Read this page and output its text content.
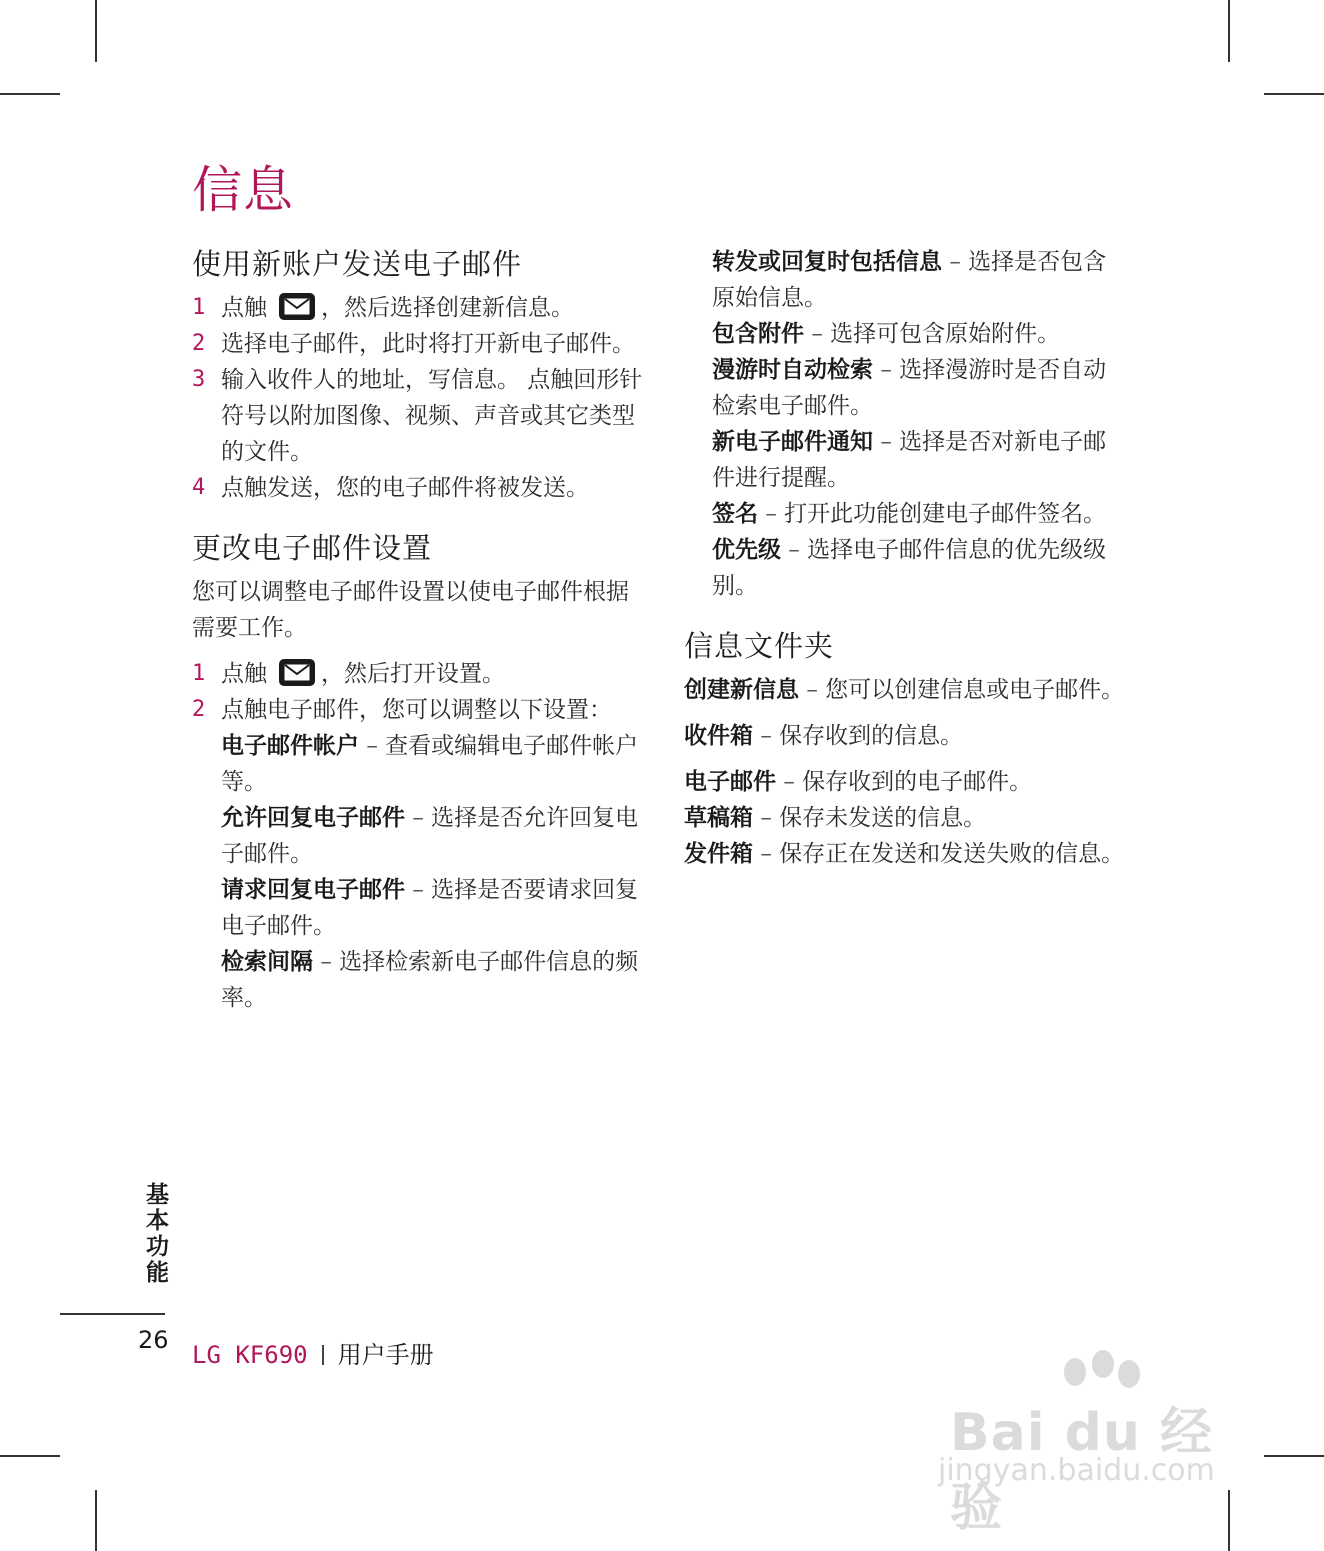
信息
使用新账户发送电子邮件
1 点触 ，然后选择创建新信息。
2 选择电子邮件，此时将打开新电子邮件。
3 输入收件人的地址，写信息。 点触回形针符号以附加图像、视频、声音或其它类型的文件。
4 点触发送，您的电子邮件将被发送。
更改电子邮件设置

您可以调整电子邮件设置以使电子邮件根据需要工作。

1 点触 ，然后打开设置。
2 点触电子邮件，您可以调整以下设置：
电子邮件帐户 – 查看或编辑电子邮件帐户等。
允许回复电子邮件 – 选择是否允许回复电子邮件。
请求回复电子邮件 – 选择是否要请求回复电子邮件。
检索间隔 – 选择检索新电子邮件信息的频率。
转发或回复时包括信息 – 选择是否包含原始信息。
包含附件 – 选择可包含原始附件。
漫游时自动检索 – 选择漫游时是否自动检索电子邮件。
新电子邮件通知 – 选择是否对新电子邮件进行提醒。
签名 – 打开此功能创建电子邮件签名。
优先级 – 选择电子邮件信息的优先级级别。
信息文件夹
创建新信息 – 您可以创建信息或电子邮件。
收件箱 – 保存收到的信息。
电子邮件 – 保存收到的电子邮件。
草稿箱 – 保存未发送的信息。
发件箱 – 保存正在发送和发送失败的信息。
基本功能
26
LG KF690 用户手册
Bai du 经验
jingyan.baidu.com
